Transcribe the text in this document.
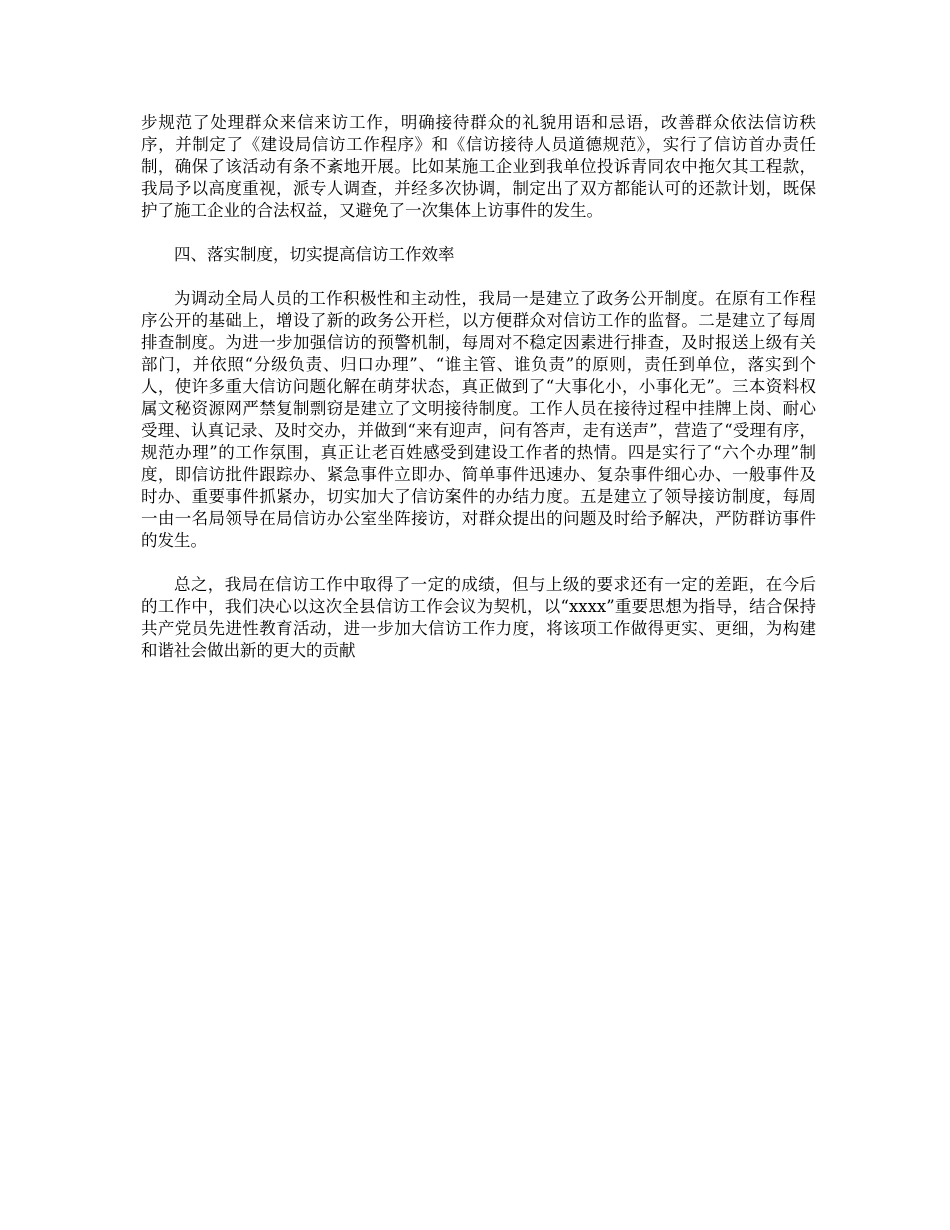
步规范了处理群众来信来访工作，明确接待群众的礼貌用语和忌语，改善群众依法信访秩序，并制定了《建设局信访工作程序》和《信访接待人员道德规范》，实行了信访首办责任制，确保了该活动有条不紊地开展。比如某施工企业到我单位投诉青同农中拖欠其工程款，我局予以高度重视，派专人调查，并经多次协调，制定出了双方都能认可的还款计划，既保护了施工企业的合法权益，又避免了一次集体上访事件的发生。

四、落实制度，切实提高信访工作效率

为调动全局人员的工作积极性和主动性，我局一是建立了政务公开制度。在原有工作程序公开的基础上，增设了新的政务公开栏，以方便群众对信访工作的监督。二是建立了每周排查制度。为进一步加强信访的预警机制，每周对不稳定因素进行排查，及时报送上级有关部门，并依照“分级负责、归口办理”、“谁主管、谁负责”的原则，责任到单位，落实到个人，使许多重大信访问题化解在萌芽状态，真正做到了“大事化小，小事化无”。三本资料权属文秘资源网严禁复制剽窃是建立了文明接待制度。工作人员在接待过程中挂牌上岗、耐心受理、认真记录、及时交办，并做到“来有迎声，问有答声，走有送声”，营造了“受理有序，规范办理”的工作氛围，真正让老百姓感受到建设工作者的热情。四是实行了“六个办理”制度，即信访批件跟踪办、紧急事件立即办、简单事件迅速办、复杂事件细心办、一般事件及时办、重要事件抓紧办，切实加大了信访案件的办结力度。五是建立了领导接访制度，每周一由一名局领导在局信访办公室坐阵接访，对群众提出的问题及时给予解决，严防群访事件的发生。

总之，我局在信访工作中取得了一定的成绩，但与上级的要求还有一定的差距，在今后的工作中，我们决心以这次全县信访工作会议为契机，以“xxxx”重要思想为指导，结合保持共产党员先进性教育活动，进一步加大信访工作力度，将该项工作做得更实、更细，为构建和谐社会做出新的更大的贡献
